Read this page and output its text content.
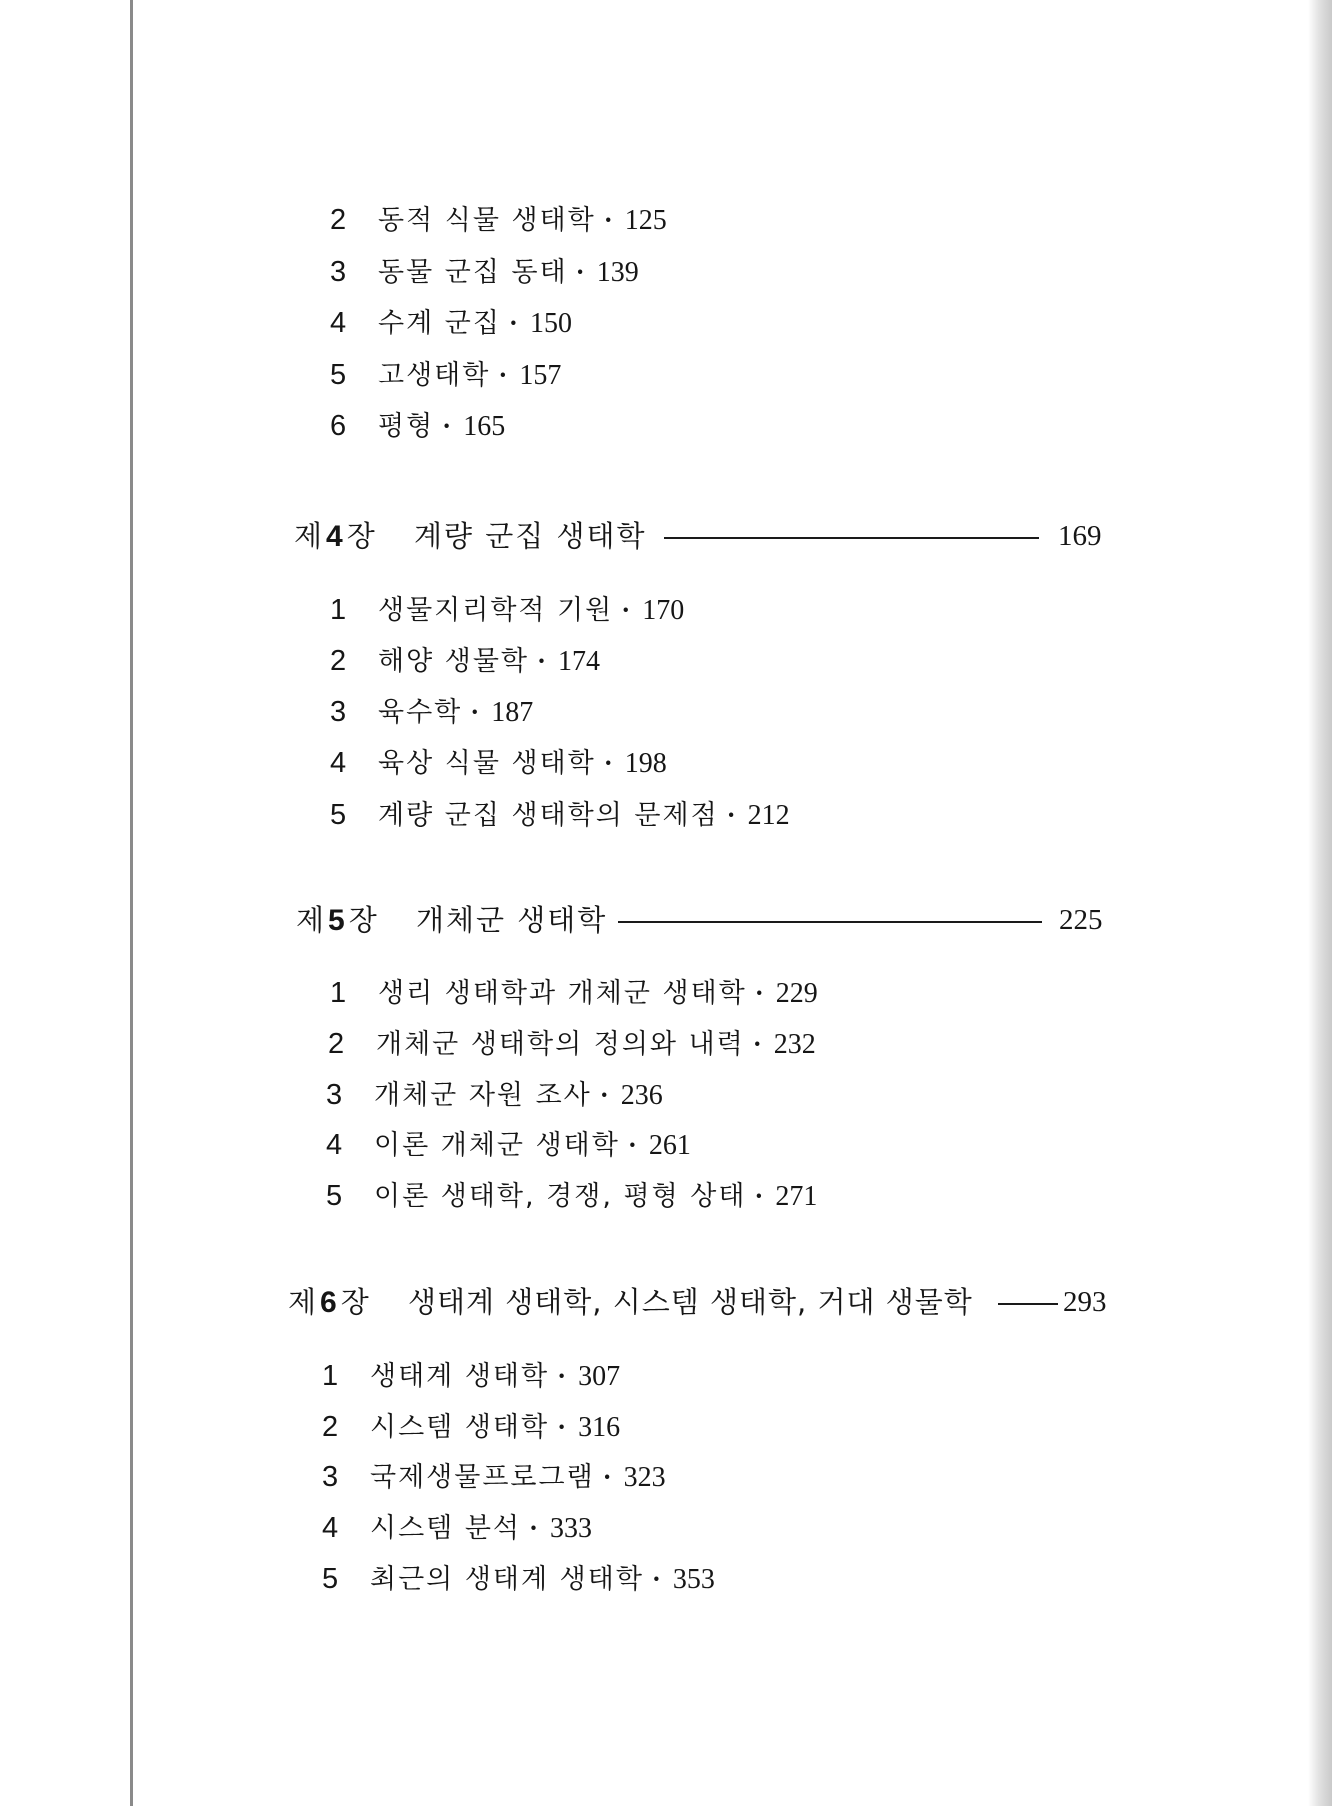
2	동적 식물 생태학 · 125
3	동물 군집 동태 · 139
4	수계 군집 · 150
5	고생태학 · 157
6	평형 · 165
제 4 장 계량 군집 생태학	169
1	생물지리학적 기원 · 170
2	해양 생물학 · 174
3	육수학 · 187
4	육상 식물 생태학 · 198
5	계량 군집 생태학의 문제점 · 212
제 5 장 개체군 생태학	225
1	생리 생태학과 개체군 생태학 · 229
2	개체군 생태학의 정의와 내력 · 232
3	개체군 자원 조사 · 236
4	이론 개체군 생태학 · 261
5	이론 생태학, 경쟁, 평형 상태 · 271
제 6 장 생태계 생태학, 시스템 생태학, 거대 생물학	293
1	생태계 생태학 · 307
2	시스템 생태학 · 316
3	국제생물프로그램 · 323
4	시스템 분석 · 333
5	최근의 생태계 생태학 · 353
